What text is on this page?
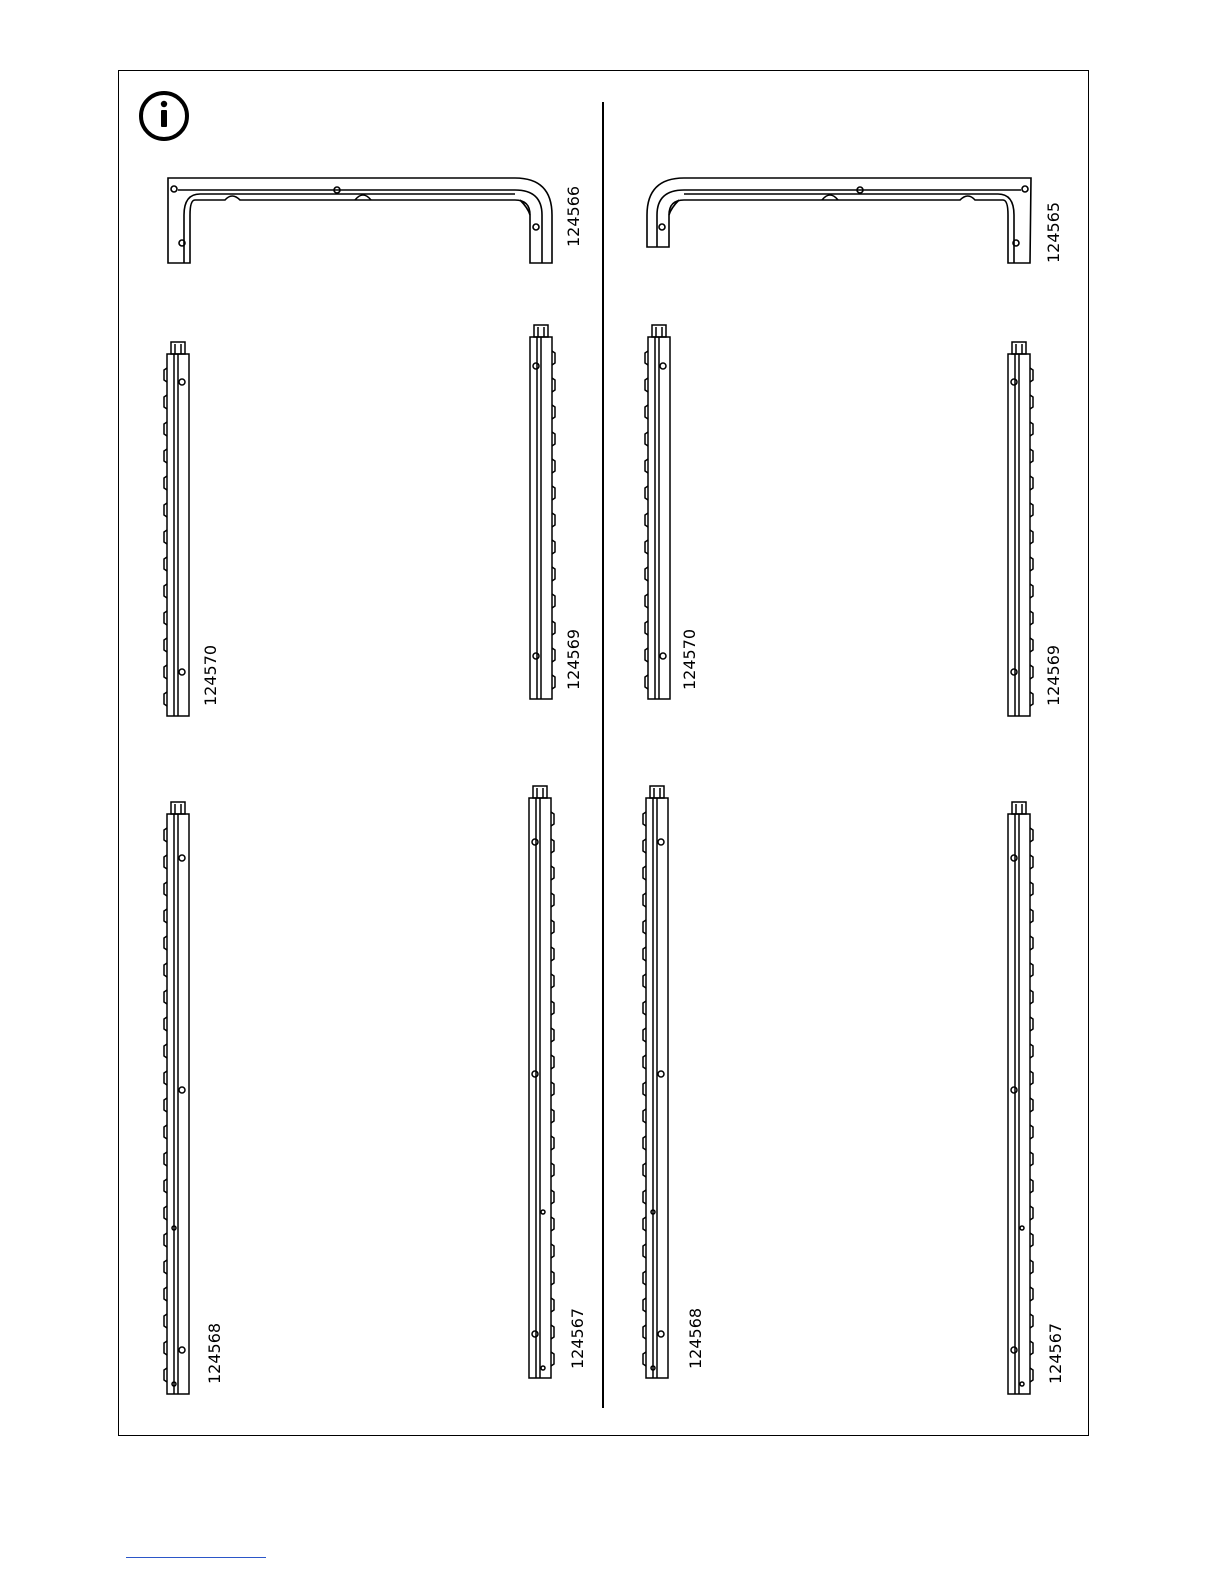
124566	124565
124570	124569
124568	124567
124570	124569
124568	124567
